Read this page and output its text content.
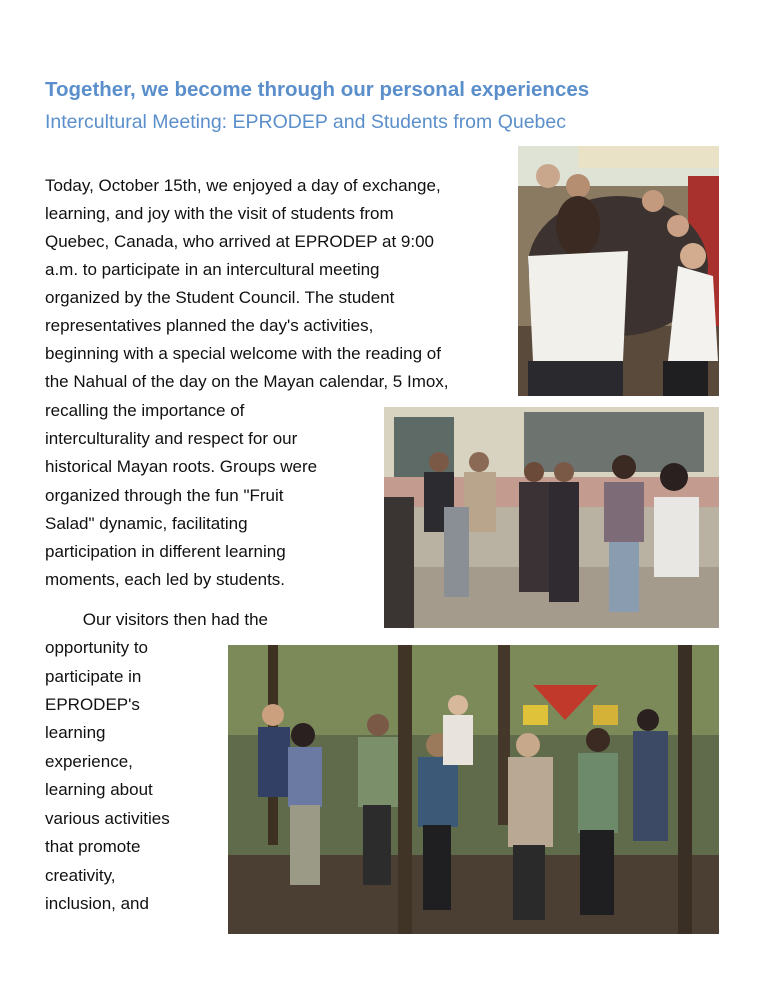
Together, we become through our personal experiences
Intercultural Meeting: EPRODEP and Students from Quebec
Today, October 15th, we enjoyed a day of exchange,
learning, and joy with the visit of students from
Quebec, Canada, who arrived at EPRODEP at 9:00
a.m. to participate in an intercultural meeting
organized by the Student Council. The student
representatives planned the day's activities,
beginning with a special welcome with the reading of
the Nahual of the day on the Mayan calendar, 5 Imox,
recalling the importance of
interculturality and respect for our
historical Mayan roots. Groups were
organized through the fun "Fruit
Salad" dynamic, facilitating
participation in different learning
moments, each led by students.
Our visitors then had the
opportunity to
participate in
EPRODEP's
learning
experience,
learning about
various activities
that promote
creativity,
inclusion, and
